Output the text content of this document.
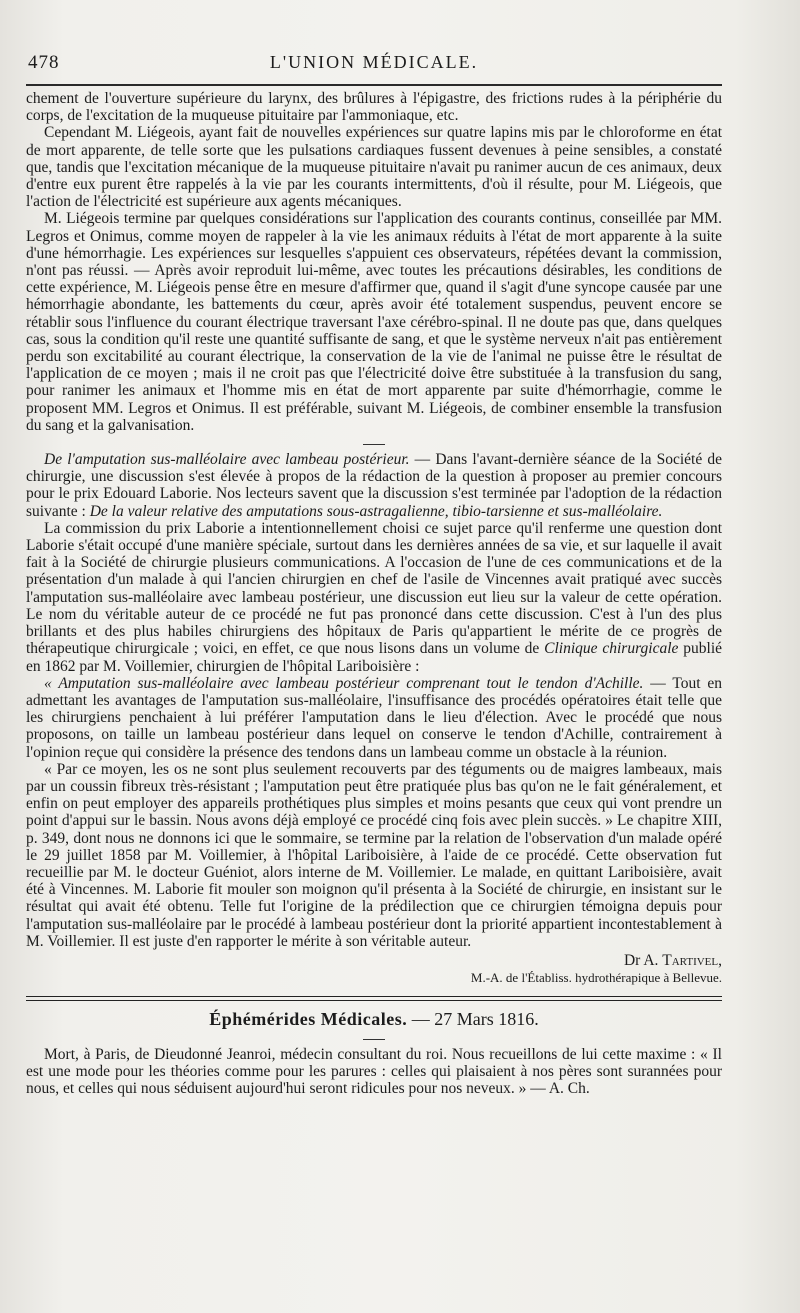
478	L'UNION MÉDICALE.

chement de l'ouverture supérieure du larynx, des brûlures à l'épigastre, des frictions rudes à la périphérie du corps, de l'excitation de la muqueuse pituitaire par l'ammoniaque, etc.

Cependant M. Liégeois, ayant fait de nouvelles expériences sur quatre lapins mis par le chloroforme en état de mort apparente, de telle sorte que les pulsations cardiaques fussent devenues à peine sensibles, a constaté que, tandis que l'excitation mécanique de la muqueuse pituitaire n'avait pu ranimer aucun de ces animaux, deux d'entre eux purent être rappelés à la vie par les courants intermittents, d'où il résulte, pour M. Liégeois, que l'action de l'électricité est supérieure aux agents mécaniques.

M. Liégeois termine par quelques considérations sur l'application des courants continus, conseillée par MM. Legros et Onimus, comme moyen de rappeler à la vie les animaux réduits à l'état de mort apparente à la suite d'une hémorrhagie. Les expériences sur lesquelles s'appuient ces observateurs, répétées devant la commission, n'ont pas réussi. — Après avoir reproduit lui-même, avec toutes les précautions désirables, les conditions de cette expérience, M. Liégeois pense être en mesure d'affirmer que, quand il s'agit d'une syncope causée par une hémorrhagie abondante, les battements du cœur, après avoir été totalement suspendus, peuvent encore se rétablir sous l'influence du courant électrique traversant l'axe cérébro-spinal. Il ne doute pas que, dans quelques cas, sous la condition qu'il reste une quantité suffisante de sang, et que le système nerveux n'ait pas entièrement perdu son excitabilité au courant électrique, la conservation de la vie de l'animal ne puisse être le résultat de l'application de ce moyen ; mais il ne croit pas que l'électricité doive être substituée à la transfusion du sang, pour ranimer les animaux et l'homme mis en état de mort apparente par suite d'hémorrhagie, comme le proposent MM. Legros et Onimus. Il est préférable, suivant M. Liégeois, de combiner ensemble la transfusion du sang et la galvanisation.

De l'amputation sus-malléolaire avec lambeau postérieur. — Dans l'avant-dernière séance de la Société de chirurgie, une discussion s'est élevée à propos de la rédaction de la question à proposer au premier concours pour le prix Edouard Laborie. Nos lecteurs savent que la discussion s'est terminée par l'adoption de la rédaction suivante : De la valeur relative des amputations sous-astragalienne, tibio-tarsienne et sus-malléolaire.

La commission du prix Laborie a intentionnellement choisi ce sujet parce qu'il renferme une question dont Laborie s'était occupé d'une manière spéciale, surtout dans les dernières années de sa vie, et sur laquelle il avait fait à la Société de chirurgie plusieurs communications. A l'occasion de l'une de ces communications et de la présentation d'un malade à qui l'ancien chirurgien en chef de l'asile de Vincennes avait pratiqué avec succès l'amputation sus-malléolaire avec lambeau postérieur, une discussion eut lieu sur la valeur de cette opération. Le nom du véritable auteur de ce procédé ne fut pas prononcé dans cette discussion. C'est à l'un des plus brillants et des plus habiles chirurgiens des hôpitaux de Paris qu'appartient le mérite de ce progrès de thérapeutique chirurgicale ; voici, en effet, ce que nous lisons dans un volume de Clinique chirurgicale publié en 1862 par M. Voillemier, chirurgien de l'hôpital Lariboisière :

« Amputation sus-malléolaire avec lambeau postérieur comprenant tout le tendon d'Achille. — Tout en admettant les avantages de l'amputation sus-malléolaire, l'insuffisance des procédés opératoires était telle que les chirurgiens penchaient à lui préférer l'amputation dans le lieu d'élection. Avec le procédé que nous proposons, on taille un lambeau postérieur dans lequel on conserve le tendon d'Achille, contrairement à l'opinion reçue qui considère la présence des tendons dans un lambeau comme un obstacle à la réunion.

« Par ce moyen, les os ne sont plus seulement recouverts par des téguments ou de maigres lambeaux, mais par un coussin fibreux très-résistant ; l'amputation peut être pratiquée plus bas qu'on ne le fait généralement, et enfin on peut employer des appareils prothétiques plus simples et moins pesants que ceux qui vont prendre un point d'appui sur le bassin. Nous avons déjà employé ce procédé cinq fois avec plein succès. » Le chapitre XIII, p. 349, dont nous ne donnons ici que le sommaire, se termine par la relation de l'observation d'un malade opéré le 29 juillet 1858 par M. Voillemier, à l'hôpital Lariboisière, à l'aide de ce procédé. Cette observation fut recueillie par M. le docteur Guéniot, alors interne de M. Voillemier. Le malade, en quittant Lariboisière, avait été à Vincennes. M. Laborie fit mouler son moignon qu'il présenta à la Société de chirurgie, en insistant sur le résultat qui avait été obtenu. Telle fut l'origine de la prédilection que ce chirurgien témoigna depuis pour l'amputation sus-malléolaire par le procédé à lambeau postérieur dont la priorité appartient incontestablement à M. Voillemier. Il est juste d'en rapporter le mérite à son véritable auteur.

Dr A. Tartivel,
M.-A. de l'Établiss. hydrothérapique à Bellevue.
Éphémérides Médicales. — 27 Mars 1816.

Mort, à Paris, de Dieudonné Jeanroi, médecin consultant du roi. Nous recueillons de lui cette maxime : « Il est une mode pour les théories comme pour les parures : celles qui plaisaient à nos pères sont surannées pour nous, et celles qui nous séduisent aujourd'hui seront ridicules pour nos neveux. » — A. Ch.
